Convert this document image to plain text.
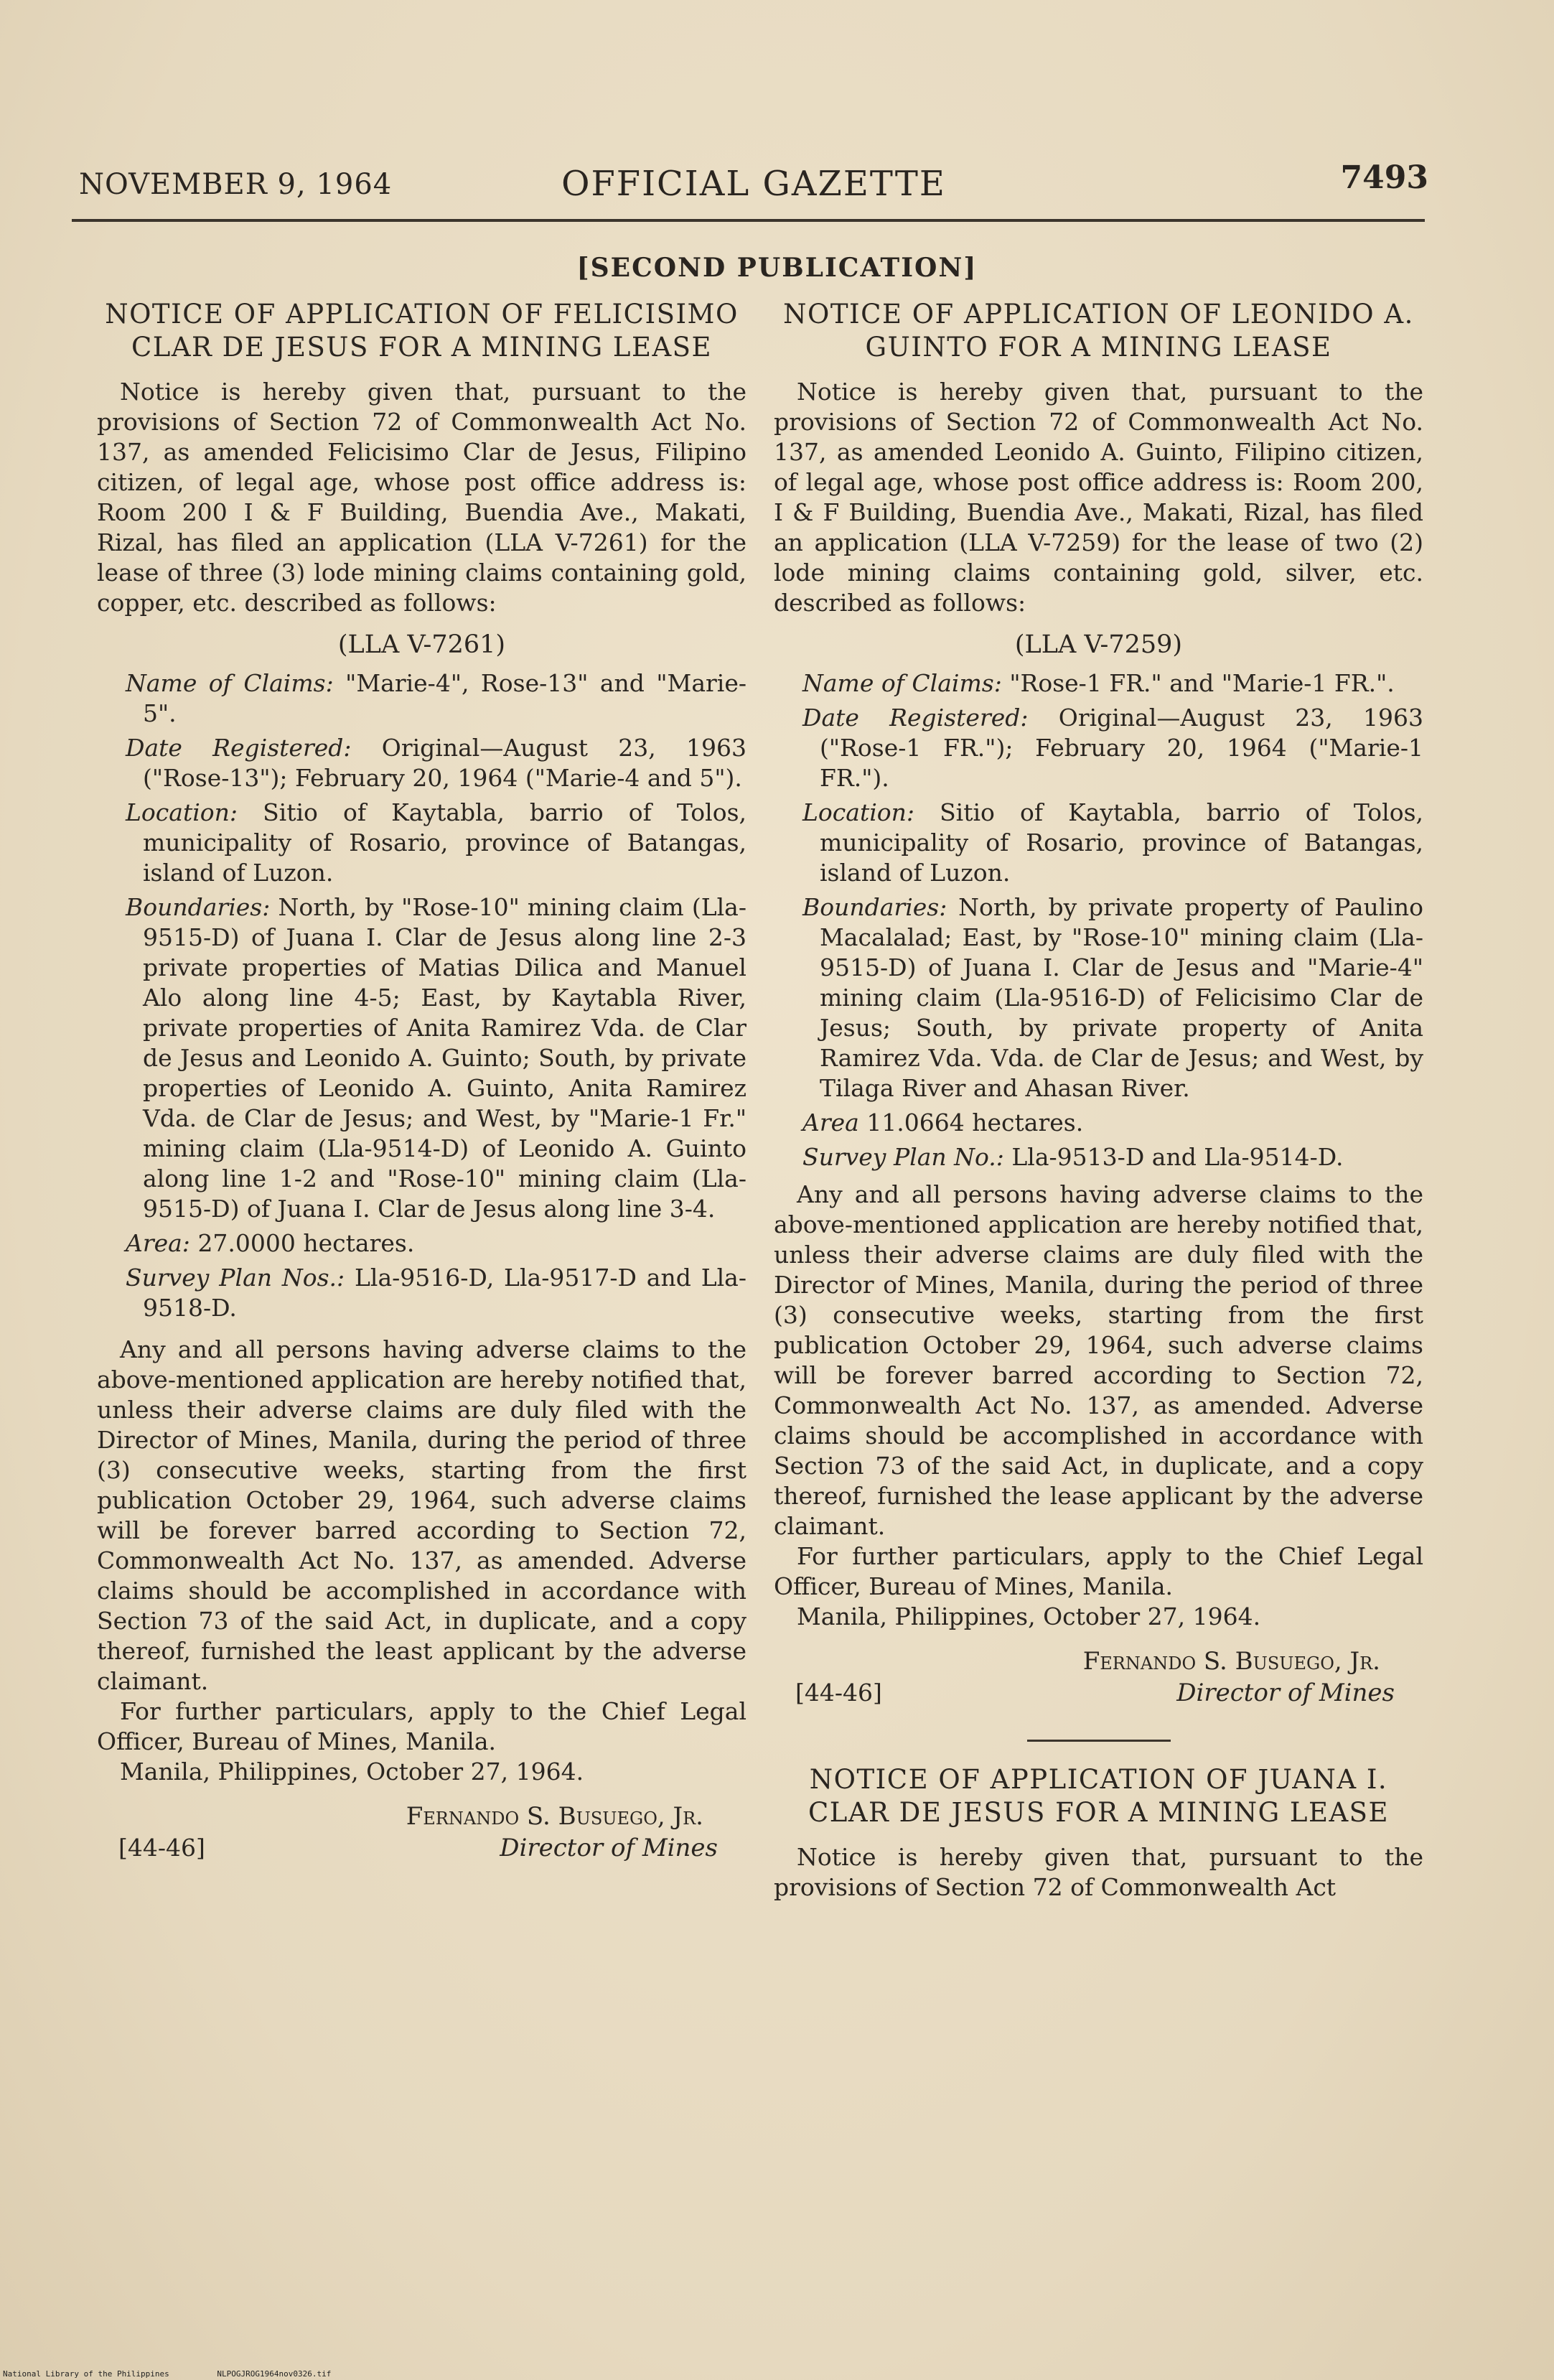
NOVEMBER 9, 1964	OFFICIAL GAZETTE	7493
[SECOND PUBLICATION]
NOTICE OF APPLICATION OF FELICISIMO CLAR DE JESUS FOR A MINING LEASE

Notice is hereby given that, pursuant to the provisions of Section 72 of Commonwealth Act No. 137, as amended Felicisimo Clar de Jesus, Filipino citizen, of legal age, whose post office address is: Room 200 I & F Building, Buendia Ave., Makati, Rizal, has filed an application (LLA V-7261) for the lease of three (3) lode mining claims containing gold, copper, etc. described as follows:

(LLA V-7261)

Name of Claims: "Marie-4", Rose-13" and "Marie-5".

Date Registered: Original—August 23, 1963 ("Rose-13"); February 20, 1964 ("Marie-4 and 5").

Location: Sitio of Kaytabla, barrio of Tolos, municipality of Rosario, province of Batangas, island of Luzon.

Boundaries: North, by "Rose-10" mining claim (Lla-9515-D) of Juana I. Clar de Jesus along line 2-3 private properties of Matias Dilica and Manuel Alo along line 4-5; East, by Kaytabla River, private properties of Anita Ramirez Vda. de Clar de Jesus and Leonido A. Guinto; South, by private properties of Leonido A. Guinto, Anita Ramirez Vda. de Clar de Jesus; and West, by "Marie-1 Fr." mining claim (Lla-9514-D) of Leonido A. Guinto along line 1-2 and "Rose-10" mining claim (Lla-9515-D) of Juana I. Clar de Jesus along line 3-4.

Area: 27.0000 hectares.

Survey Plan Nos.: Lla-9516-D, Lla-9517-D and Lla-9518-D.

Any and all persons having adverse claims to the above-mentioned application are hereby notified that, unless their adverse claims are duly filed with the Director of Mines, Manila, during the period of three (3) consecutive weeks, starting from the first publication October 29, 1964, such adverse claims will be forever barred according to Section 72, Commonwealth Act No. 137, as amended. Adverse claims should be accomplished in accordance with Section 73 of the said Act, in duplicate, and a copy thereof, furnished the least applicant by the adverse claimant.

For further particulars, apply to the Chief Legal Officer, Bureau of Mines, Manila.

Manila, Philippines, October 27, 1964.

Fernando S. Busuego, Jr.
[44-46]	Director of Mines
NOTICE OF APPLICATION OF LEONIDO A. GUINTO FOR A MINING LEASE

Notice is hereby given that, pursuant to the provisions of Section 72 of Commonwealth Act No. 137, as amended Leonido A. Guinto, Filipino citizen, of legal age, whose post office address is: Room 200, I & F Building, Buendia Ave., Makati, Rizal, has filed an application (LLA V-7259) for the lease of two (2) lode mining claims containing gold, silver, etc. described as follows:

(LLA V-7259)

Name of Claims: "Rose-1 FR." and "Marie-1 FR.".

Date Registered: Original—August 23, 1963 ("Rose-1 FR."); February 20, 1964 ("Marie-1 FR.").

Location: Sitio of Kaytabla, barrio of Tolos, municipality of Rosario, province of Batangas, island of Luzon.

Boundaries: North, by private property of Paulino Macalalad; East, by "Rose-10" mining claim (Lla-9515-D) of Juana I. Clar de Jesus and "Marie-4" mining claim (Lla-9516-D) of Felicisimo Clar de Jesus; South, by private property of Anita Ramirez Vda. Vda. de Clar de Jesus; and West, by Tilaga River and Ahasan River.

Area 11.0664 hectares.

Survey Plan No.: Lla-9513-D and Lla-9514-D.

Any and all persons having adverse claims to the above-mentioned application are hereby notified that, unless their adverse claims are duly filed with the Director of Mines, Manila, during the period of three (3) consecutive weeks, starting from the first publication October 29, 1964, such adverse claims will be forever barred according to Section 72, Commonwealth Act No. 137, as amended. Adverse claims should be accomplished in accordance with Section 73 of the said Act, in duplicate, and a copy thereof, furnished the lease applicant by the adverse claimant.

For further particulars, apply to the Chief Legal Officer, Bureau of Mines, Manila.

Manila, Philippines, October 27, 1964.

Fernando S. Busuego, Jr.
[44-46]	Director of Mines
NOTICE OF APPLICATION OF JUANA I. CLAR DE JESUS FOR A MINING LEASE

Notice is hereby given that, pursuant to the provisions of Section 72 of Commonwealth Act

National Library of the Philippines	NLPOGJROG1964nov0326.tif
